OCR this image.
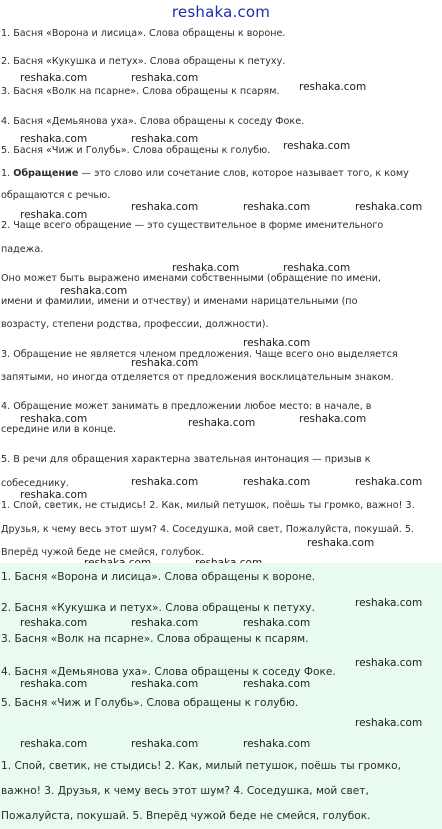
reshaka.com
1. Басня «Ворона и лисица». Слова обращены к вороне.
2. Басня «Кукушка и петух». Слова обращены к петуху.
3. Басня «Волк на псарне». Слова обращены к псарям.
4. Басня «Демьянова уха». Слова обращены к соседу Фоке.
5. Басня «Чиж и Голубь». Слова обращены к голубю.
1. Обращение — это слово или сочетание слов, которое называет того, к кому
обращаются с речью.
2. Чаще всего обращение — это существительное в форме именительного
падежа.
Оно может быть выражено именами собственными (обращение по имени,
имени и фамилии, имени и отчеству) и именами нарицательными (по
возрасту, степени родства, профессии, должности).
3. Обращение не является членом предложения. Чаще всего оно выделяется
запятыми, но иногда отделяется от предложения восклицательным знаком.
4. Обращение может занимать в предложении любое место: в начале, в
середине или в конце.
5. В речи для обращения характерна звательная интонация — призыв к
собеседнику.
1. Спой, светик, не стыдись! 2. Как, милый петушок, поёшь ты громко, важно! 3.
Друзья, к чему весь этот шум? 4. Соседушка, мой свет, Пожалуйста, покушай. 5.
Вперёд чужой беде не смейся, голубок.
reshaka.com	reshaka.com
reshaka.com
reshaka.com	reshaka.com
reshaka.com
reshaka.com	reshaka.com	reshaka.com
reshaka.com
reshaka.com	reshaka.com
reshaka.com
reshaka.com
reshaka.com
reshaka.com	reshaka.com
reshaka.com
reshaka.com
reshaka.com	reshaka.com
reshaka.com
reshaka.com
1. Басня «Ворона и лисица». Слова обращены к вороне.
2. Басня «Кукушка и петух». Слова обращены к петуху.
3. Басня «Волк на псарне». Слова обращены к псарям.
4. Басня «Демьянова уха». Слова обращены к соседу Фоке.
5. Басня «Чиж и Голубь». Слова обращены к голубю.
1. Спой, светик, не стыдись! 2. Как, милый петушок, поёшь ты громко,
важно! 3. Друзья, к чему весь этот шум? 4. Соседушка, мой свет,
Пожалуйста, покушай. 5. Вперёд чужой беде не смейся, голубок.
reshaka.com
reshaka.com	reshaka.com	reshaka.com
reshaka.com
reshaka.com	reshaka.com	reshaka.com
reshaka.com
reshaka.com	reshaka.com	reshaka.com
